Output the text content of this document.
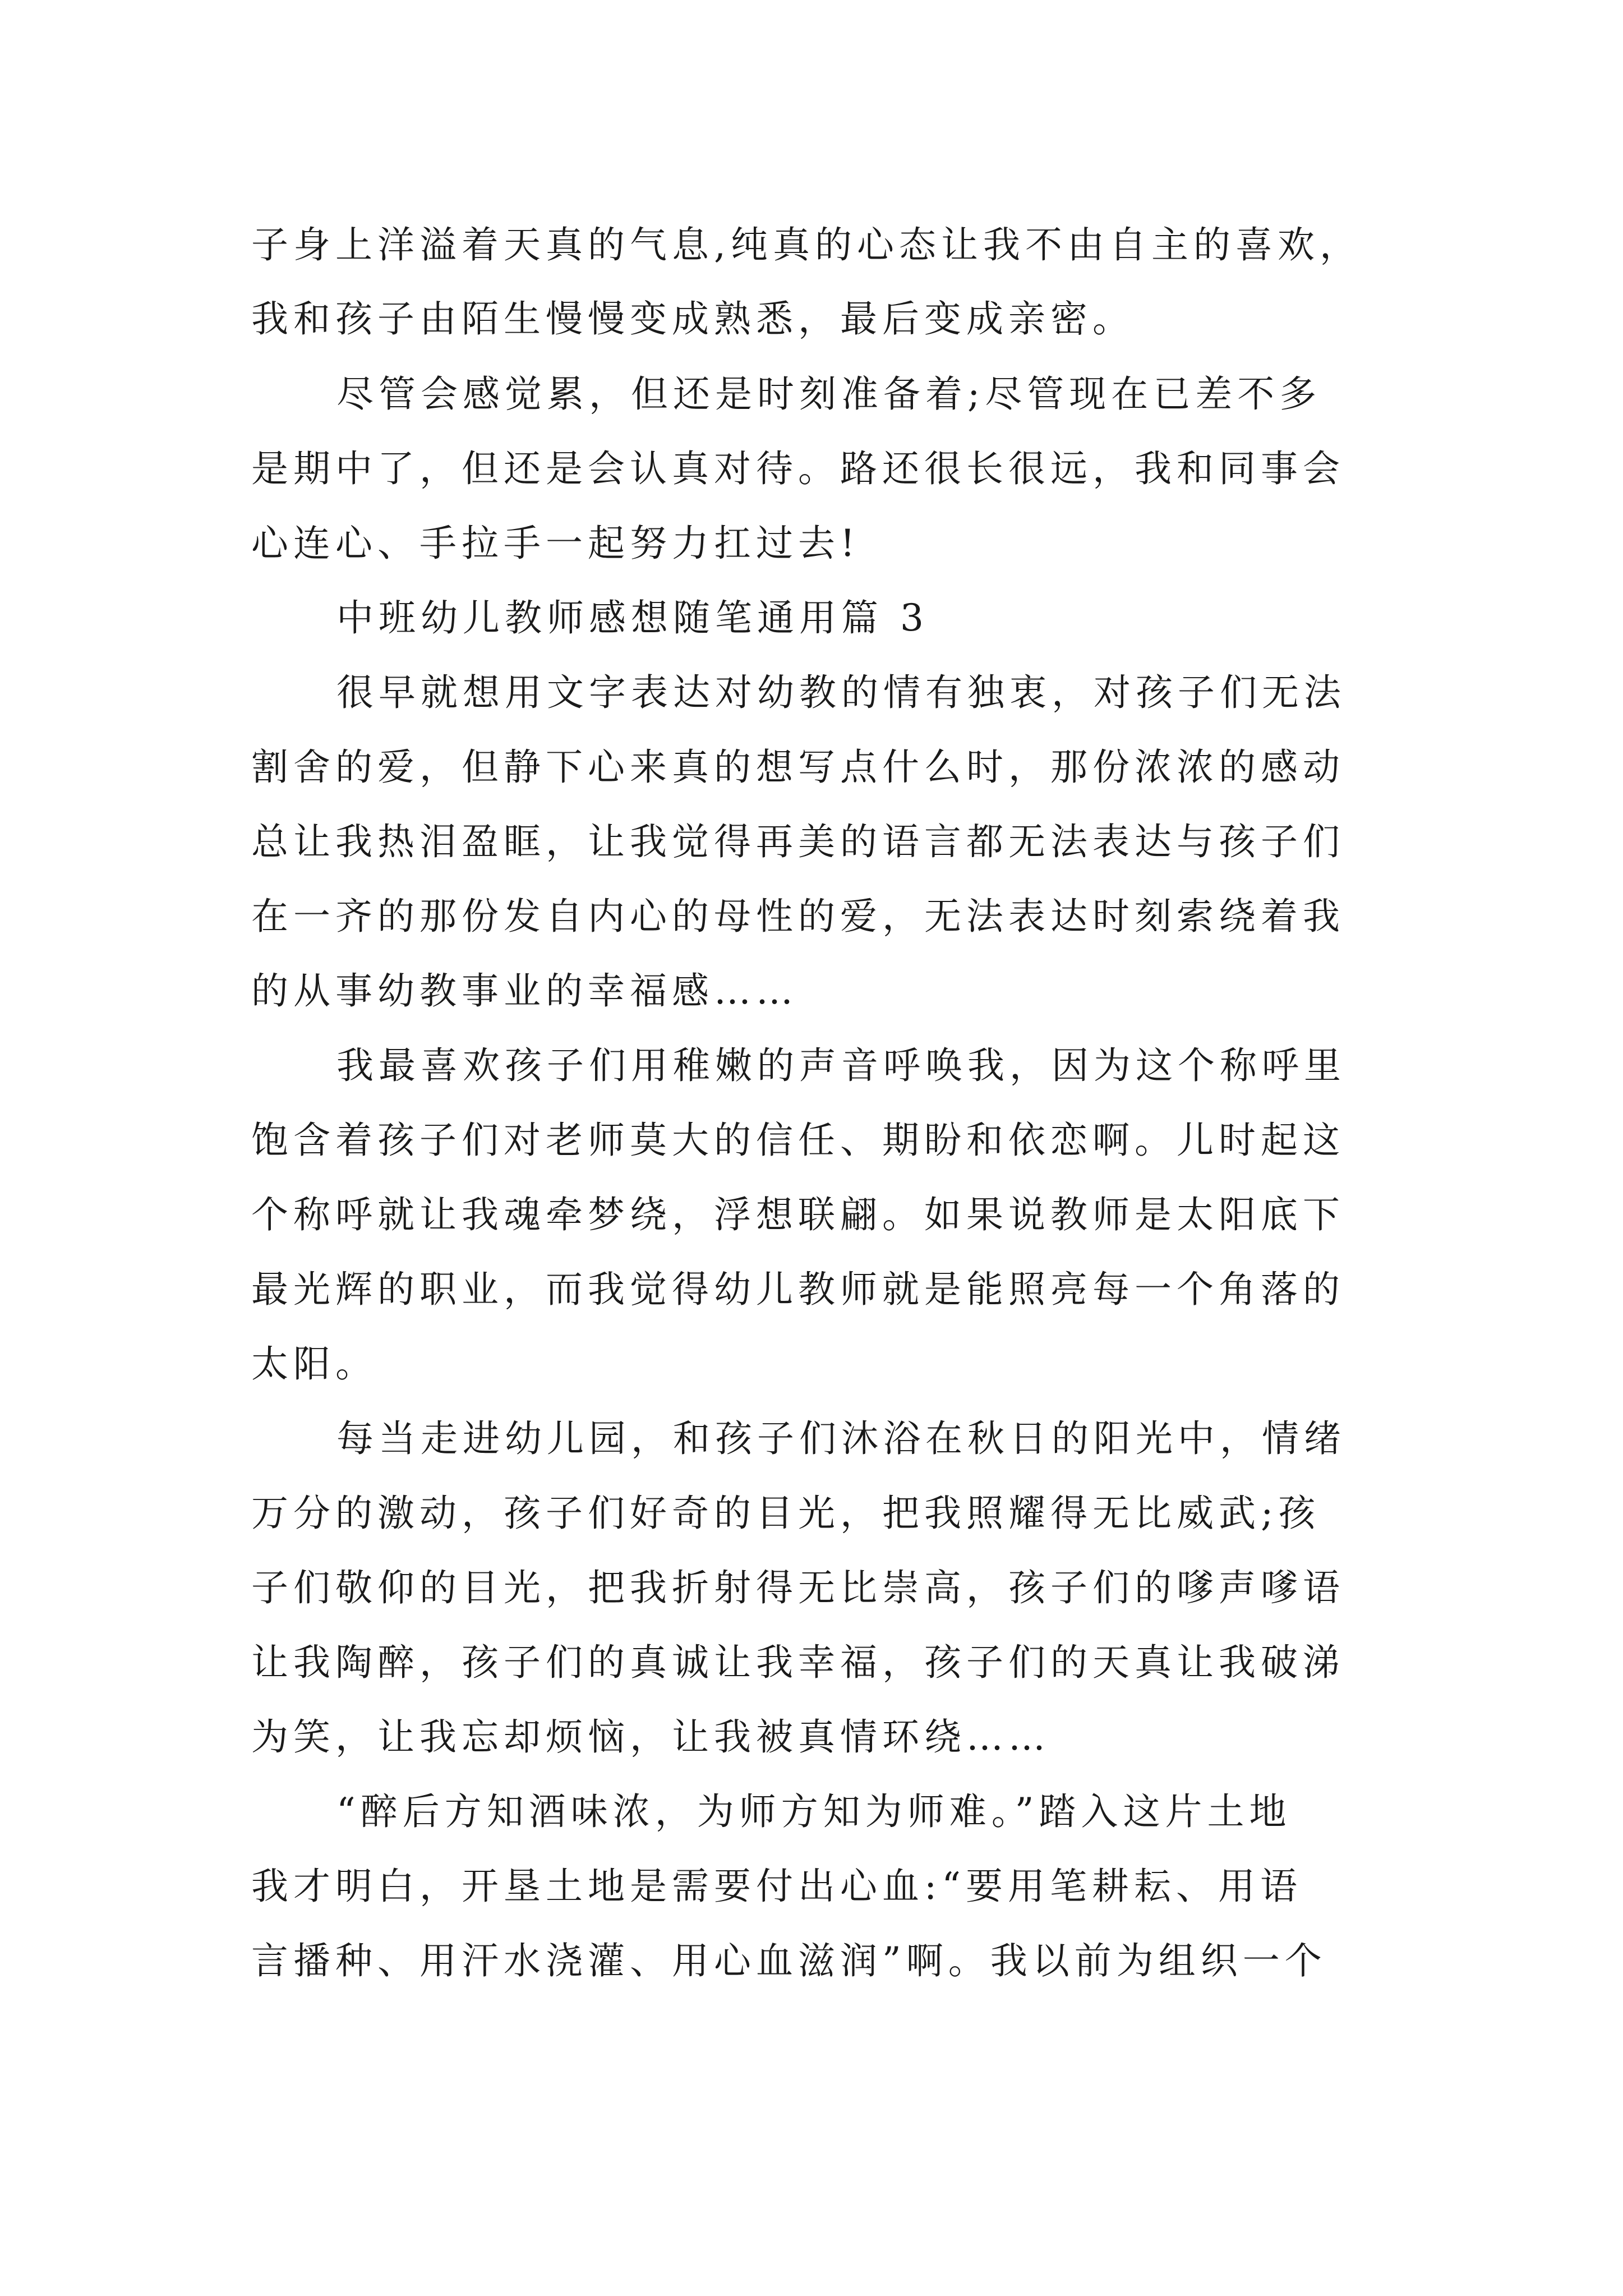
子身上洋溢着天真的气息,纯真的心态让我不由自主的喜欢，
我和孩子由陌生慢慢变成熟悉，最后变成亲密。
尽管会感觉累，但还是时刻准备着;尽管现在已差不多
是期中了，但还是会认真对待。路还很长很远，我和同事会
心连心、手拉手一起努力扛过去!
中班幼儿教师感想随笔通用篇 3
很早就想用文字表达对幼教的情有独衷，对孩子们无法
割舍的爱，但静下心来真的想写点什么时，那份浓浓的感动
总让我热泪盈眶，让我觉得再美的语言都无法表达与孩子们
在一齐的那份发自内心的母性的爱，无法表达时刻索绕着我
的从事幼教事业的幸福感……
我最喜欢孩子们用稚嫩的声音呼唤我，因为这个称呼里
饱含着孩子们对老师莫大的信任、期盼和依恋啊。儿时起这
个称呼就让我魂牵梦绕，浮想联翩。如果说教师是太阳底下
最光辉的职业，而我觉得幼儿教师就是能照亮每一个角落的
太阳。
每当走进幼儿园，和孩子们沐浴在秋日的阳光中，情绪
万分的激动，孩子们好奇的目光，把我照耀得无比威武;孩
子们敬仰的目光，把我折射得无比崇高，孩子们的嗲声嗲语
让我陶醉，孩子们的真诚让我幸福，孩子们的天真让我破涕
为笑，让我忘却烦恼，让我被真情环绕……
“醉后方知酒味浓，为师方知为师难。”踏入这片土地
我才明白，开垦土地是需要付出心血:“要用笔耕耘、用语
言播种、用汗水浇灌、用心血滋润”啊。我以前为组织一个
